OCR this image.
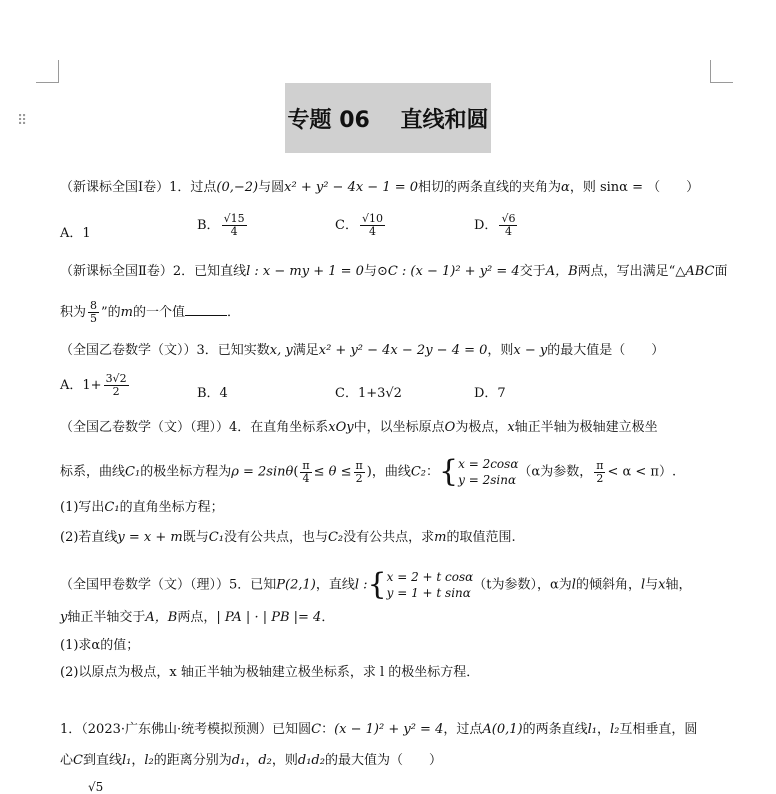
⠿	专题 06    直线和圆
（新课标全国Ⅰ卷）1．过点(0,−2)与圆x² + y² − 4x − 1 = 0相切的两条直线的夹角为α，则 sinα = （　　）
A．1
B． $\frac{√15}{4}$	C． $\frac{√10}{4}$	D． $\frac{√6}{4}$
（新课标全国Ⅱ卷）2．已知直线l : x − my + 1 = 0与⊙C : (x − 1)² + y² = 4交于A，B两点，写出满足“△ABC面
积为 $\frac{8}{5}$ ”的m的一个值	．
（全国乙卷数学（文））3．已知实数x, y满足x² + y² − 4x − 2y − 4 = 0，则x − y的最大值是（　　）
A．$1+ \frac{3√2}{2}$	B．4	C．1+3√2	D．7
（全国乙卷数学（文）（理））4．在直角坐标系xOy中，以坐标原点O为极点，x轴正半轴为极轴建立极坐
标系，曲线C₁的极坐标方程为$\rho = 2\sin\theta( \frac{\pi}{4} \le \theta \le \frac{\pi}{2}$ )，曲线C₂：{ x = 2cosα
y = 2sinα
（α为参数， $\frac{\pi}{2} < \alpha < \pi$）.
(1)写出C₁的直角坐标方程；
(2)若直线y = x + m既与C₁没有公共点，也与C₂没有公共点，求m的取值范围.
（全国甲卷数学（文）（理））5．已知P(2,1)，直线l :{ x = 2 + t cosα
y = 1 + t sinα
（t为参数），α为l的倾斜角，l与x轴，
y轴正半轴交于A，B两点，| PA | · | PB |= 4．
(1)求α的值；
(2)以原点为极点，x 轴正半轴为极轴建立极坐标系，求 l 的极坐标方程．
1．（2023·广东佛山·统考模拟预测）已知圆C：(x − 1)² + y² = 4，过点A(0,1)的两条直线l₁，l₂互相垂直，圆
心C到直线l₁，l₂的距离分别为d₁，d₂，则d₁d₂的最大值为（　　）
√5
